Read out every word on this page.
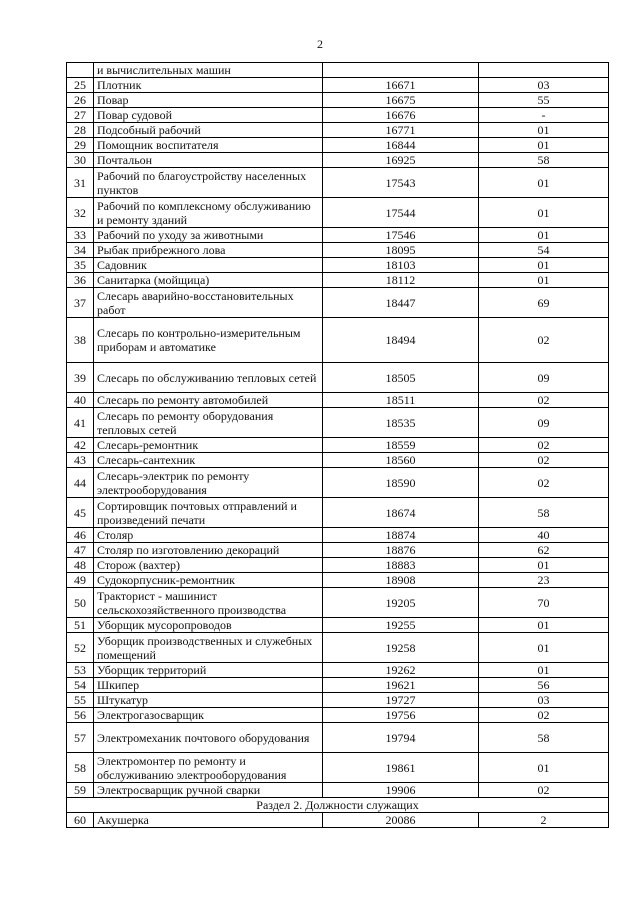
2
	и вычислительных машин		
25	Плотник	16671	03
26	Повар	16675	55
27	Повар судовой	16676	-
28	Подсобный рабочий	16771	01
29	Помощник воспитателя	16844	01
30	Почтальон	16925	58
31	Рабочий по благоустройству населенных пунктов	17543	01
32	Рабочий по комплексному обслуживанию и ремонту зданий	17544	01
33	Рабочий по уходу за животными	17546	01
34	Рыбак прибрежного лова	18095	54
35	Садовник	18103	01
36	Санитарка (мойщица)	18112	01
37	Слесарь аварийно-восстановительных работ	18447	69
38	Слесарь по контрольно-измерительным приборам и автоматике	18494	02
39	Слесарь по обслуживанию тепловых сетей	18505	09
40	Слесарь по ремонту автомобилей	18511	02
41	Слесарь по ремонту оборудования тепловых сетей	18535	09
42	Слесарь-ремонтник	18559	02
43	Слесарь-сантехник	18560	02
44	Слесарь-электрик по ремонту электрооборудования	18590	02
45	Сортировщик почтовых отправлений и произведений печати	18674	58
46	Столяр	18874	40
47	Столяр по изготовлению декораций	18876	62
48	Сторож (вахтер)	18883	01
49	Судокорпусник-ремонтник	18908	23
50	Тракторист - машинист сельскохозяйственного производства	19205	70
51	Уборщик мусоропроводов	19255	01
52	Уборщик производственных и служебных помещений	19258	01
53	Уборщик территорий	19262	01
54	Шкипер	19621	56
55	Штукатур	19727	03
56	Электрогазосварщик	19756	02
57	Электромеханик почтового оборудования	19794	58
58	Электромонтер по ремонту и обслуживанию электрооборудования	19861	01
59	Электросварщик ручной сварки	19906	02
Раздел 2. Должности служащих			
60	Акушерка	20086	2
